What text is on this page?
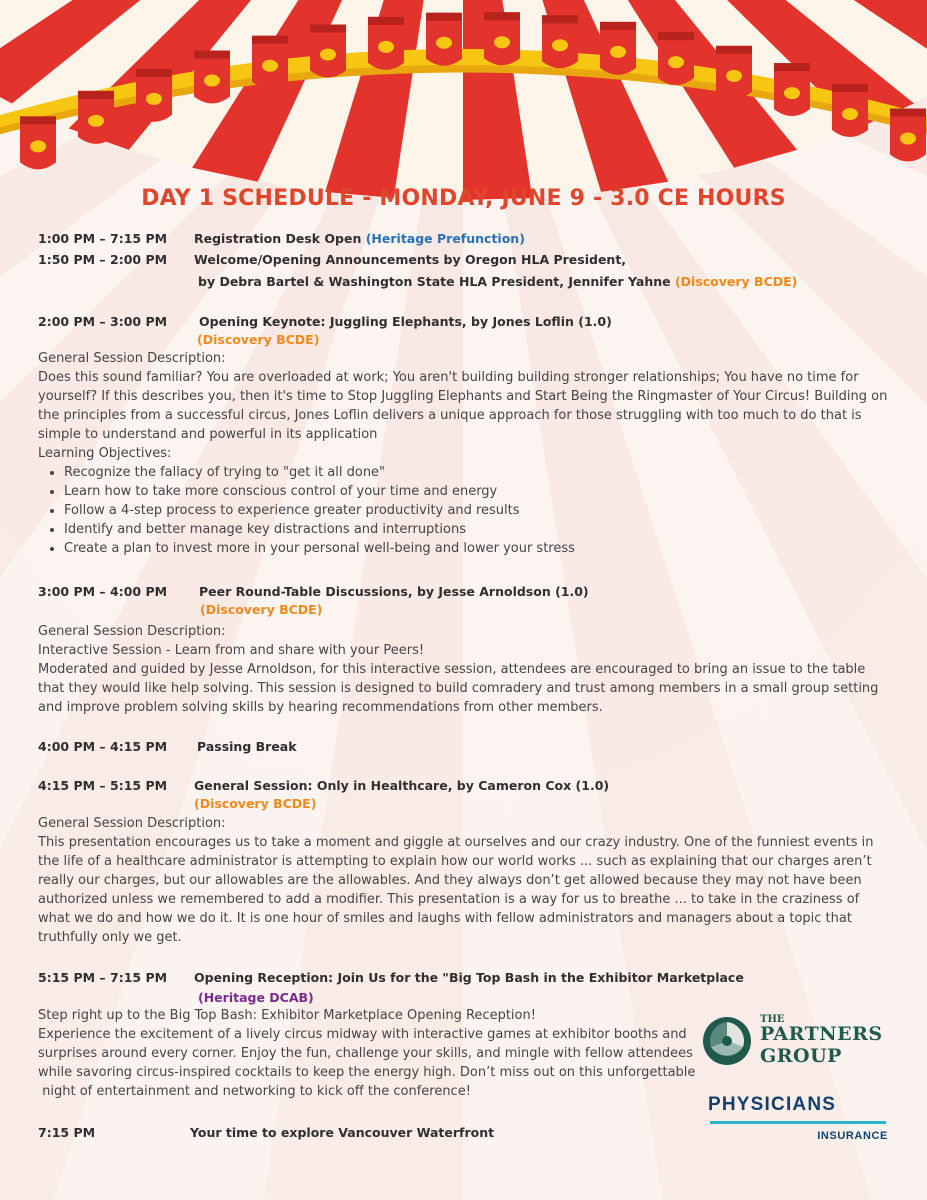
DAY 1 SCHEDULE - MONDAY, JUNE 9 - 3.0 CE HOURS
1:00 PM – 7:15 PM Registration Desk Open (Heritage Prefunction)
1:50 PM – 2:00 PM Welcome/Opening Announcements by Oregon HLA President,
by Debra Bartel & Washington State HLA President, Jennifer Yahne (Discovery BCDE)
2:00 PM – 3:00 PM	Opening Keynote: Juggling Elephants, by Jones Loflin (1.0)
(Discovery BCDE)

General Session Description:

Does this sound familiar? You are overloaded at work; You aren't building building stronger relationships; You have no time for yourself? If this describes you, then it's time to Stop Juggling Elephants and Start Being the Ringmaster of Your Circus! Building on the principles from a successful circus, Jones Loflin delivers a unique approach for those struggling with too much to do that is simple to understand and powerful in its application

Learning Objectives:

• Recognize the fallacy of trying to "get it all done"
• Learn how to take more conscious control of your time and energy
• Follow a 4-step process to experience greater productivity and results
• Identify and better manage key distractions and interruptions
• Create a plan to invest more in your personal well-being and lower your stress
3:00 PM – 4:00 PM	Peer Round-Table Discussions, by Jesse Arnoldson (1.0)
(Discovery BCDE)

General Session Description:

Interactive Session - Learn from and share with your Peers!

Moderated and guided by Jesse Arnoldson, for this interactive session, attendees are encouraged to bring an issue to the table that they would like help solving. This session is designed to build comradery and trust among members in a small group setting and improve problem solving skills by hearing recommendations from other members.

4:00 PM – 4:15 PM Passing Break
4:15 PM – 5:15 PM General Session: Only in Healthcare, by Cameron Cox (1.0)
(Discovery BCDE)

General Session Description:

This presentation encourages us to take a moment and giggle at ourselves and our crazy industry. One of the funniest events in the life of a healthcare administrator is attempting to explain how our world works ... such as explaining that our charges aren’t really our charges, but our allowables are the allowables. And they always don’t get allowed because they may not have been authorized unless we remembered to add a modifier. This presentation is a way for us to breathe ... to take in the craziness of what we do and how we do it. It is one hour of smiles and laughs with fellow administrators and managers about a topic that truthfully only we get.

5:15 PM – 7:15 PM Opening Reception: Join Us for the "Big Top Bash in the Exhibitor Marketplace
(Heritage DCAB)

Step right up to the Big Top Bash: Exhibitor Marketplace Opening Reception!

Experience the excitement of a lively circus midway with interactive games at exhibitor booths and

surprises around every corner. Enjoy the fun, challenge your skills, and mingle with fellow attendees

while savoring circus-inspired cocktails to keep the energy high. Don’t miss out on this unforgettable

night of entertainment and networking to kick off the conference!

7:15 PM	Your time to explore Vancouver Waterfront
THE
PARTNERS
GROUP
PHYSICIANS
INSURANCE
